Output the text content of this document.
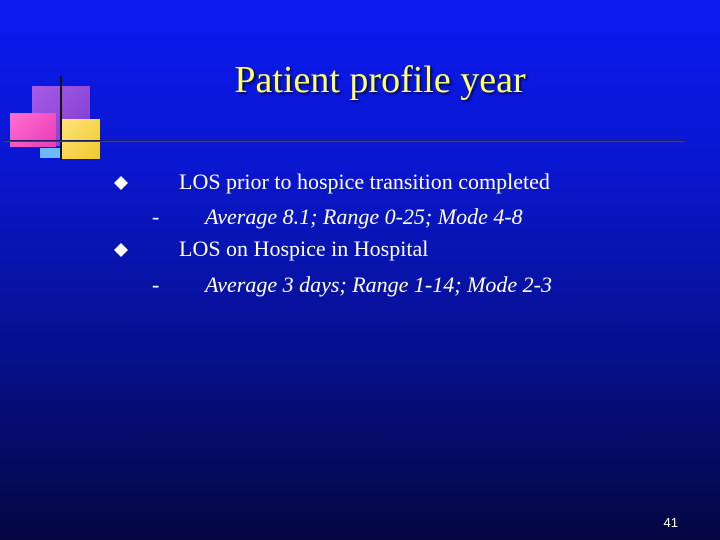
Patient profile year
LOS prior to hospice transition completed
- Average 8.1; Range 0-25; Mode 4-8
LOS on Hospice in Hospital
- Average 3 days; Range 1-14; Mode 2-3
41
